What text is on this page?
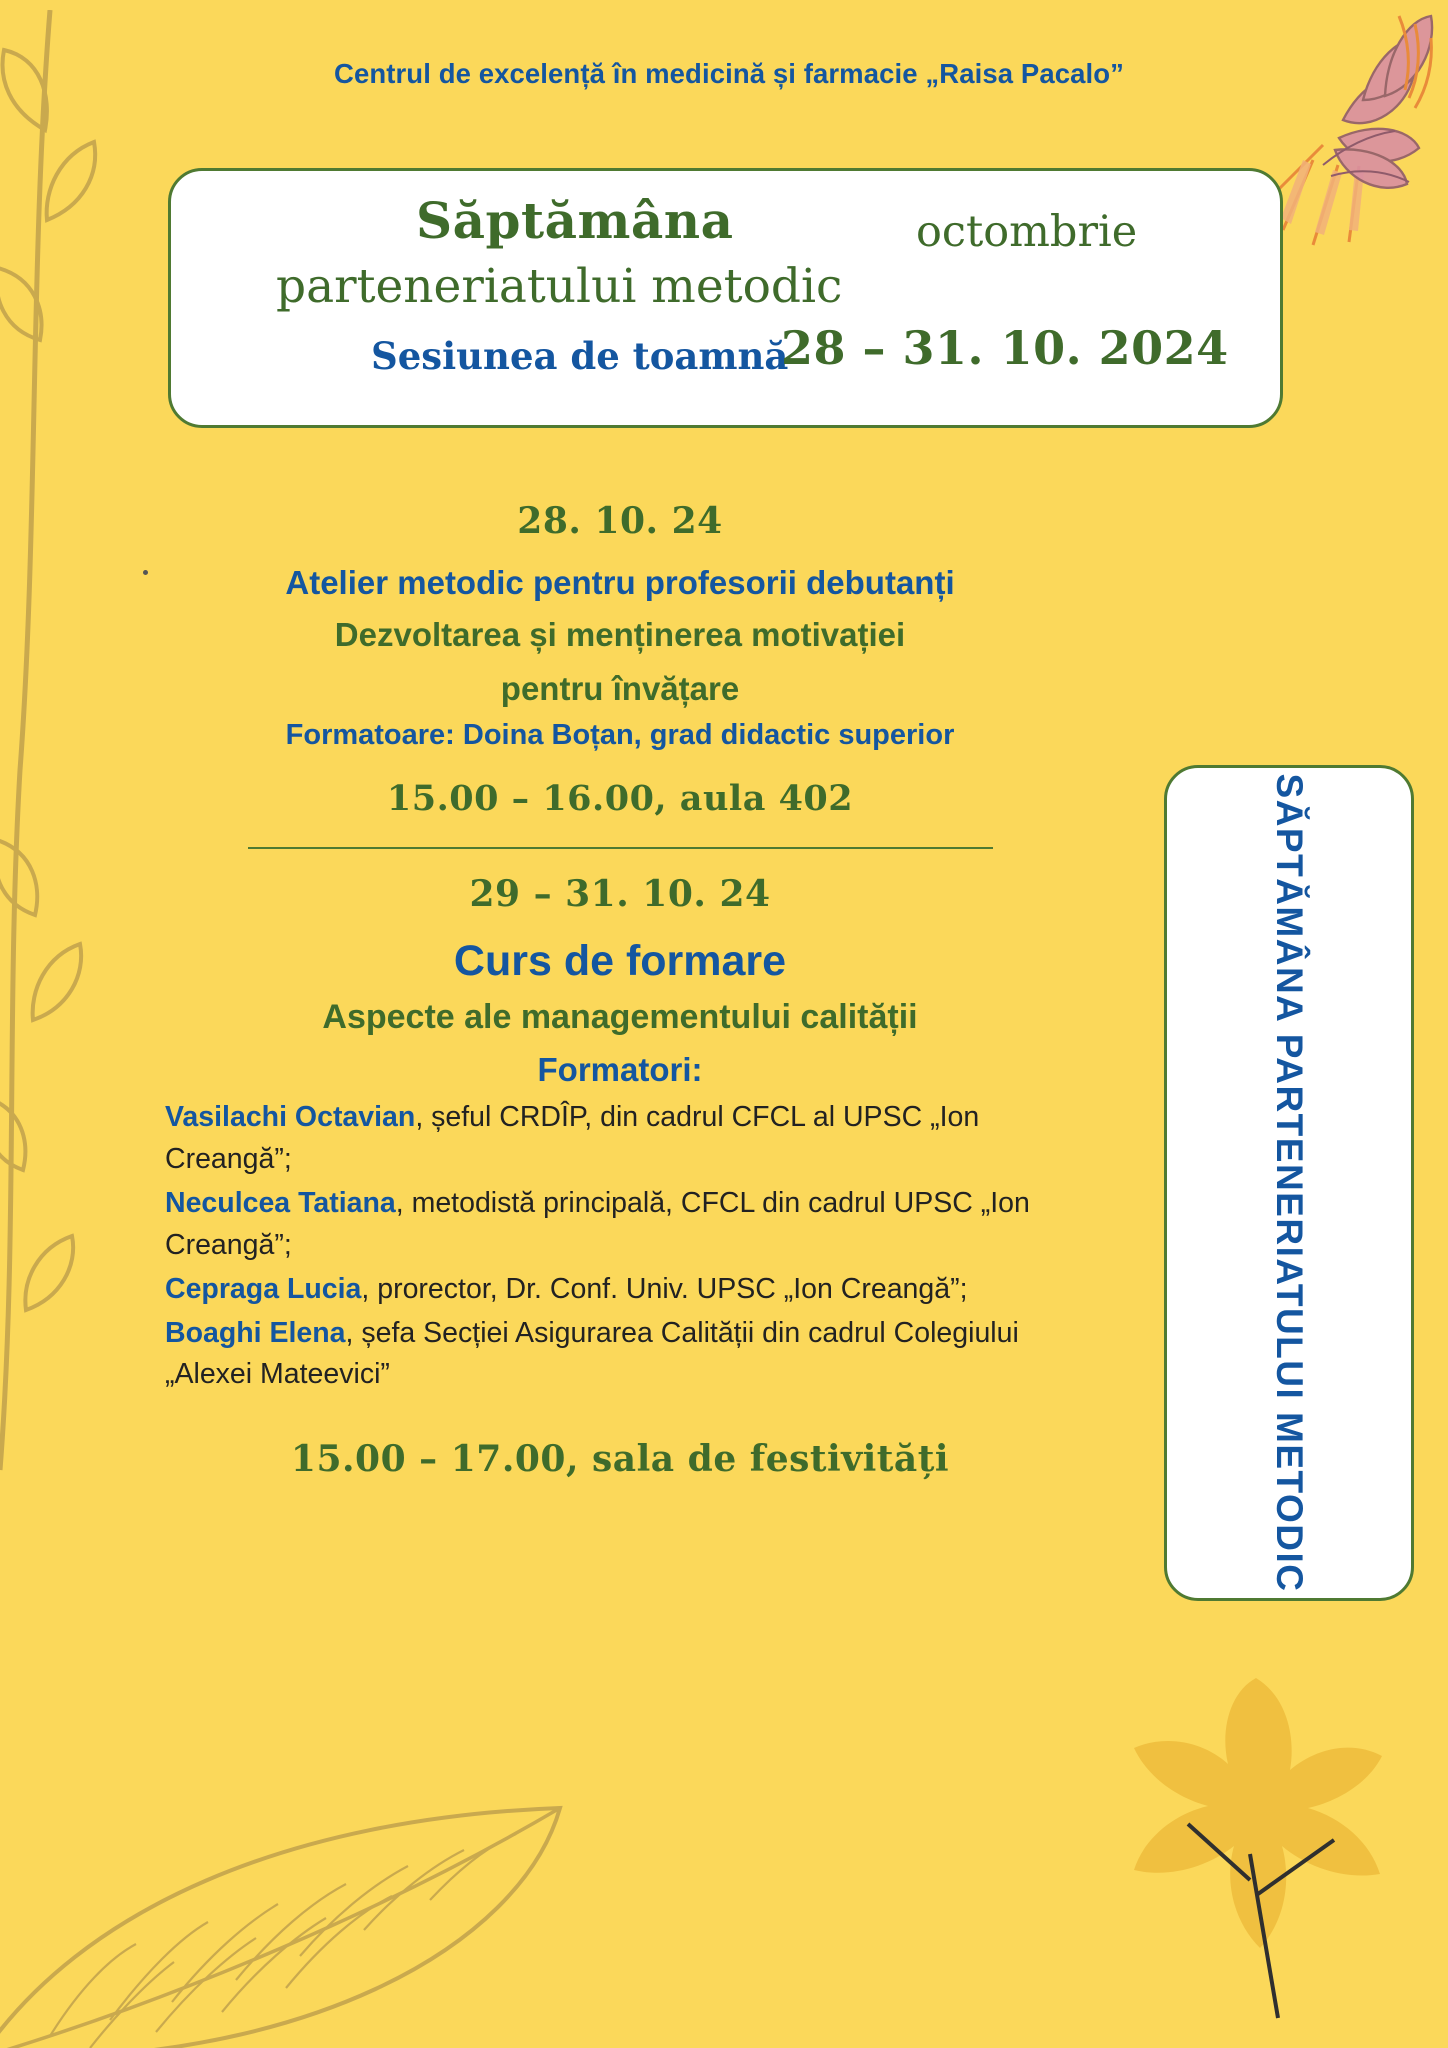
Centrul de excelență în medicină și farmacie „Raisa Pacalo”
Săptămâna	octombrie
parteneriatului metodic
Sesiunea de toamnă
28 – 31. 10. 2024
SĂPTĂMÂNA PARTENERIATULUI METODIC
28. 10. 24
Atelier metodic pentru profesorii debutanți
Dezvoltarea și menținerea motivației
pentru învățare
Formatoare: Doina Boțan, grad didactic superior
15.00 – 16.00, aula 402
29 – 31. 10. 24
Curs de formare
Aspecte ale managementului calității
Formatori:
Vasilachi Octavian, șeful CRDÎP, din cadrul CFCL al UPSC „Ion Creangă”;
Neculcea Tatiana, metodistă principală, CFCL din cadrul UPSC „Ion Creangă”;
Cepraga Lucia, prorector, Dr. Conf. Univ. UPSC „Ion Creangă”;
Boaghi Elena, șefa Secției Asigurarea Calității din cadrul Colegiului „Alexei Mateevici”
15.00 – 17.00, sala de festivități
